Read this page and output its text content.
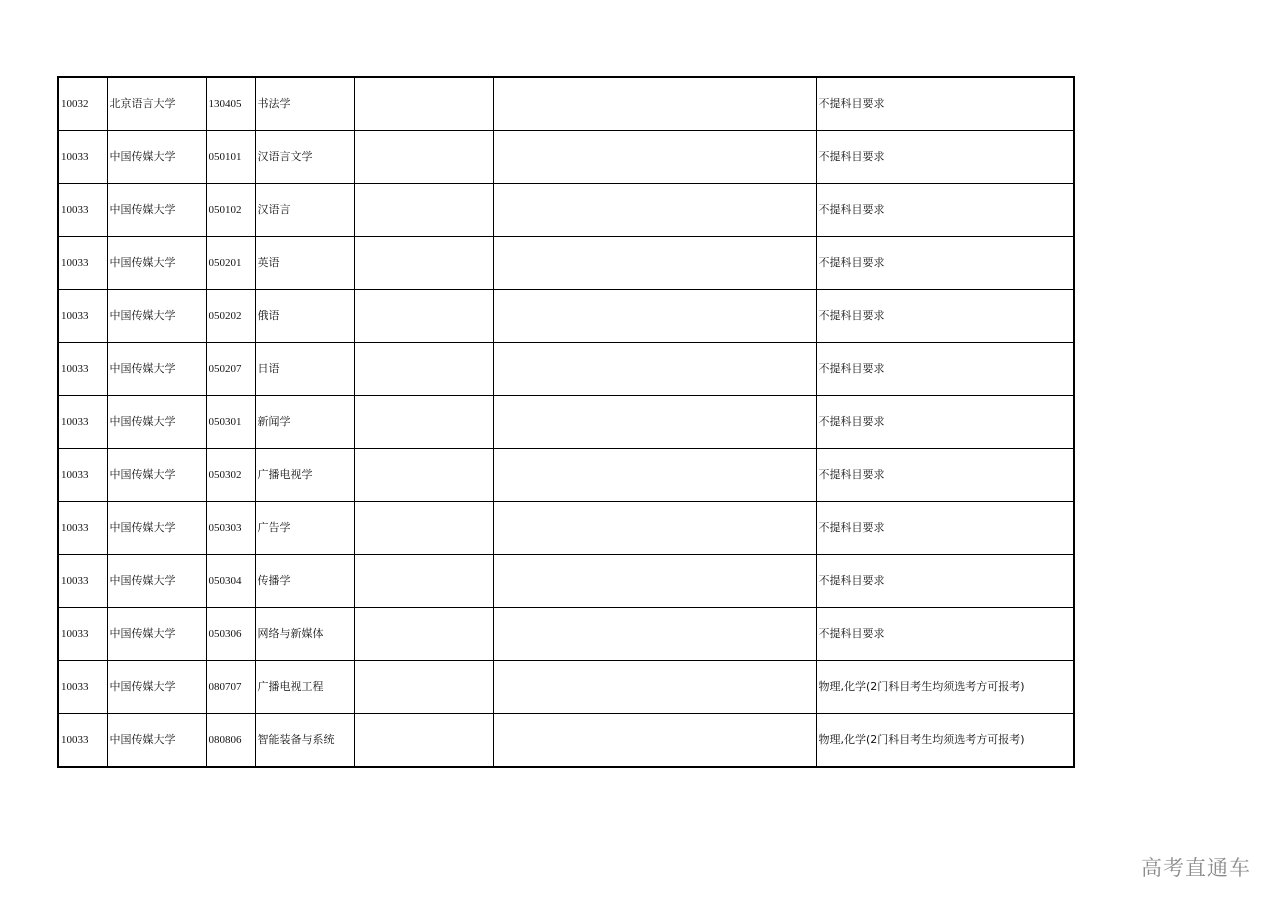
10032	北京语言大学	130405	书法学			不提科目要求
10033	中国传媒大学	050101	汉语言文学			不提科目要求
10033	中国传媒大学	050102	汉语言			不提科目要求
10033	中国传媒大学	050201	英语			不提科目要求
10033	中国传媒大学	050202	俄语			不提科目要求
10033	中国传媒大学	050207	日语			不提科目要求
10033	中国传媒大学	050301	新闻学			不提科目要求
10033	中国传媒大学	050302	广播电视学			不提科目要求
10033	中国传媒大学	050303	广告学			不提科目要求
10033	中国传媒大学	050304	传播学			不提科目要求
10033	中国传媒大学	050306	网络与新媒体			不提科目要求
10033	中国传媒大学	080707	广播电视工程			物理,化学(2门科目考生均须选考方可报考)
10033	中国传媒大学	080806	智能装备与系统			物理,化学(2门科目考生均须选考方可报考)
高考直通车
